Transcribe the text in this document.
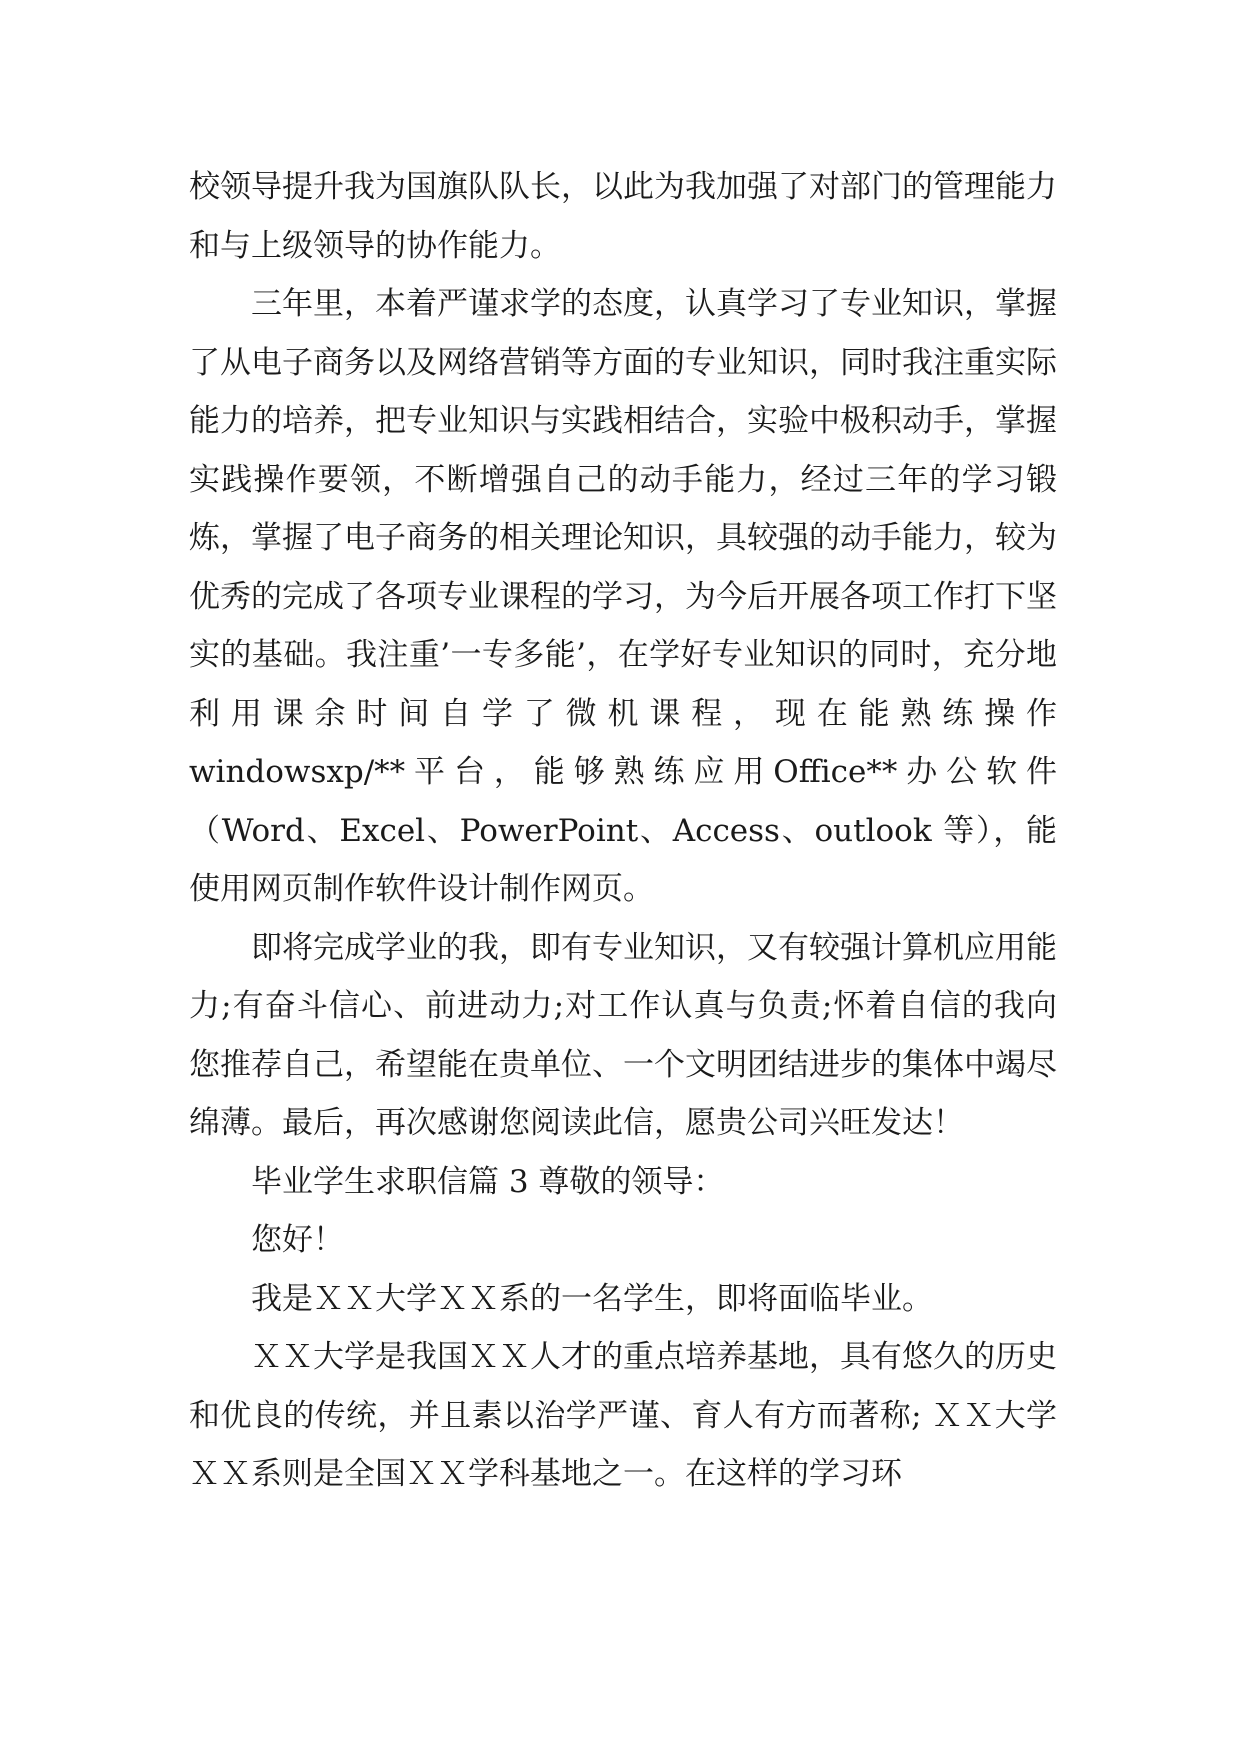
校领导提升我为国旗队队长，以此为我加强了对部门的管理能力和与上级领导的协作能力。

三年里，本着严谨求学的态度，认真学习了专业知识，掌握了从电子商务以及网络营销等方面的专业知识，同时我注重实际能力的培养，把专业知识与实践相结合，实验中极积动手，掌握实践操作要领，不断增强自己的动手能力，经过三年的学习锻炼，掌握了电子商务的相关理论知识，具较强的动手能力，较为优秀的完成了各项专业课程的学习，为今后开展各项工作打下坚实的基础。我注重’一专多能’，在学好专业知识的同时，充分地利用课余时间自学了微机课程，现在能熟练操作 windowsxp/**平台，能够熟练应用Office**办公软件（Word、Excel、PowerPoint、Access、outlook 等），能使用网页制作软件设计制作网页。

即将完成学业的我，即有专业知识，又有较强计算机应用能力;有奋斗信心、前进动力;对工作认真与负责;怀着自信的我向您推荐自己，希望能在贵单位、一个文明团结进步的集体中竭尽绵薄。最后，再次感谢您阅读此信，愿贵公司兴旺发达！

毕业学生求职信篇 3 尊敬的领导：

您好！

我是ＸＸ大学ＸＸ系的一名学生，即将面临毕业。

ＸＸ大学是我国ＸＸ人才的重点培养基地，具有悠久的历史和优良的传统，并且素以治学严谨、育人有方而著称; ＸＸ大学ＸＸ系则是全国ＸＸ学科基地之一。在这样的学习环
